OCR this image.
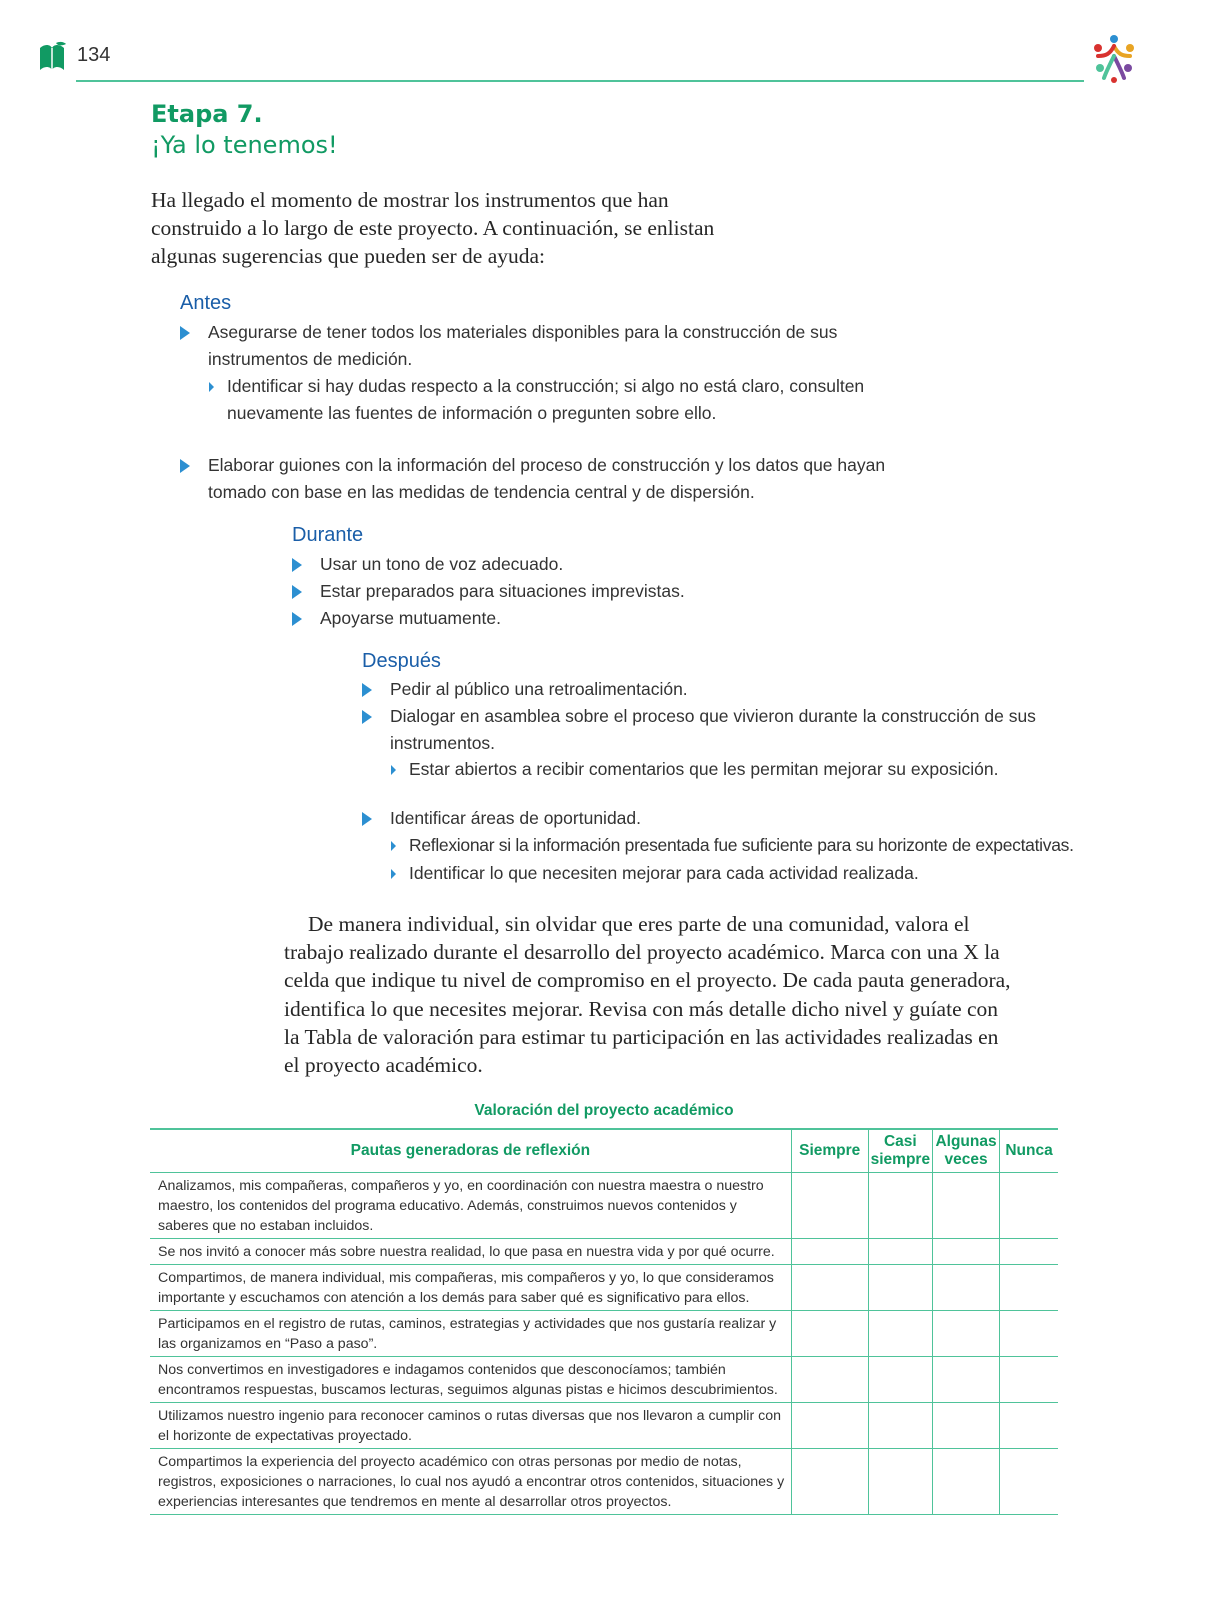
134
Etapa 7.
¡Ya lo tenemos!
Ha llegado el momento de mostrar los instrumentos que han construido a lo largo de este proyecto. A continuación, se enlistan algunas sugerencias que pueden ser de ayuda:
Antes
Asegurarse de tener todos los materiales disponibles para la construcción de sus instrumentos de medición.
Identificar si hay dudas respecto a la construcción; si algo no está claro, consulten nuevamente las fuentes de información o pregunten sobre ello.
Elaborar guiones con la información del proceso de construcción y los datos que hayan tomado con base en las medidas de tendencia central y de dispersión.
Durante
Usar un tono de voz adecuado.
Estar preparados para situaciones imprevistas.
Apoyarse mutuamente.
Después
Pedir al público una retroalimentación.
Dialogar en asamblea sobre el proceso que vivieron durante la construcción de sus instrumentos.
Estar abiertos a recibir comentarios que les permitan mejorar su exposición.
Identificar áreas de oportunidad.
Reflexionar si la información presentada fue suficiente para su horizonte de expectativas.
Identificar lo que necesiten mejorar para cada actividad realizada.
De manera individual, sin olvidar que eres parte de una comunidad, valora el trabajo realizado durante el desarrollo del proyecto académico. Marca con una X la celda que indique tu nivel de compromiso en el proyecto. De cada pauta generadora, identifica lo que necesites mejorar. Revisa con más detalle dicho nivel y guíate con la Tabla de valoración para estimar tu participación en las actividades realizadas en el proyecto académico.
Valoración del proyecto académico
Pautas generadoras de reflexión	Siempre	Casi siempre	Algunas veces	Nunca
Analizamos, mis compañeras, compañeros y yo, en coordinación con nuestra maestra o nuestro maestro, los contenidos del programa educativo. Además, construimos nuevos contenidos y saberes que no estaban incluidos.				
Se nos invitó a conocer más sobre nuestra realidad, lo que pasa en nuestra vida y por qué ocurre.				
Compartimos, de manera individual, mis compañeras, mis compañeros y yo, lo que consideramos importante y escuchamos con atención a los demás para saber qué es significativo para ellos.				
Participamos en el registro de rutas, caminos, estrategias y actividades que nos gustaría realizar y las organizamos en “Paso a paso”.				
Nos convertimos en investigadores e indagamos contenidos que desconocíamos; también encontramos respuestas, buscamos lecturas, seguimos algunas pistas e hicimos descubrimientos.				
Utilizamos nuestro ingenio para reconocer caminos o rutas diversas que nos llevaron a cumplir con el horizonte de expectativas proyectado.				
Compartimos la experiencia del proyecto académico con otras personas por medio de notas, registros, exposiciones o narraciones, lo cual nos ayudó a encontrar otros contenidos, situaciones y experiencias interesantes que tendremos en mente al desarrollar otros proyectos.				
